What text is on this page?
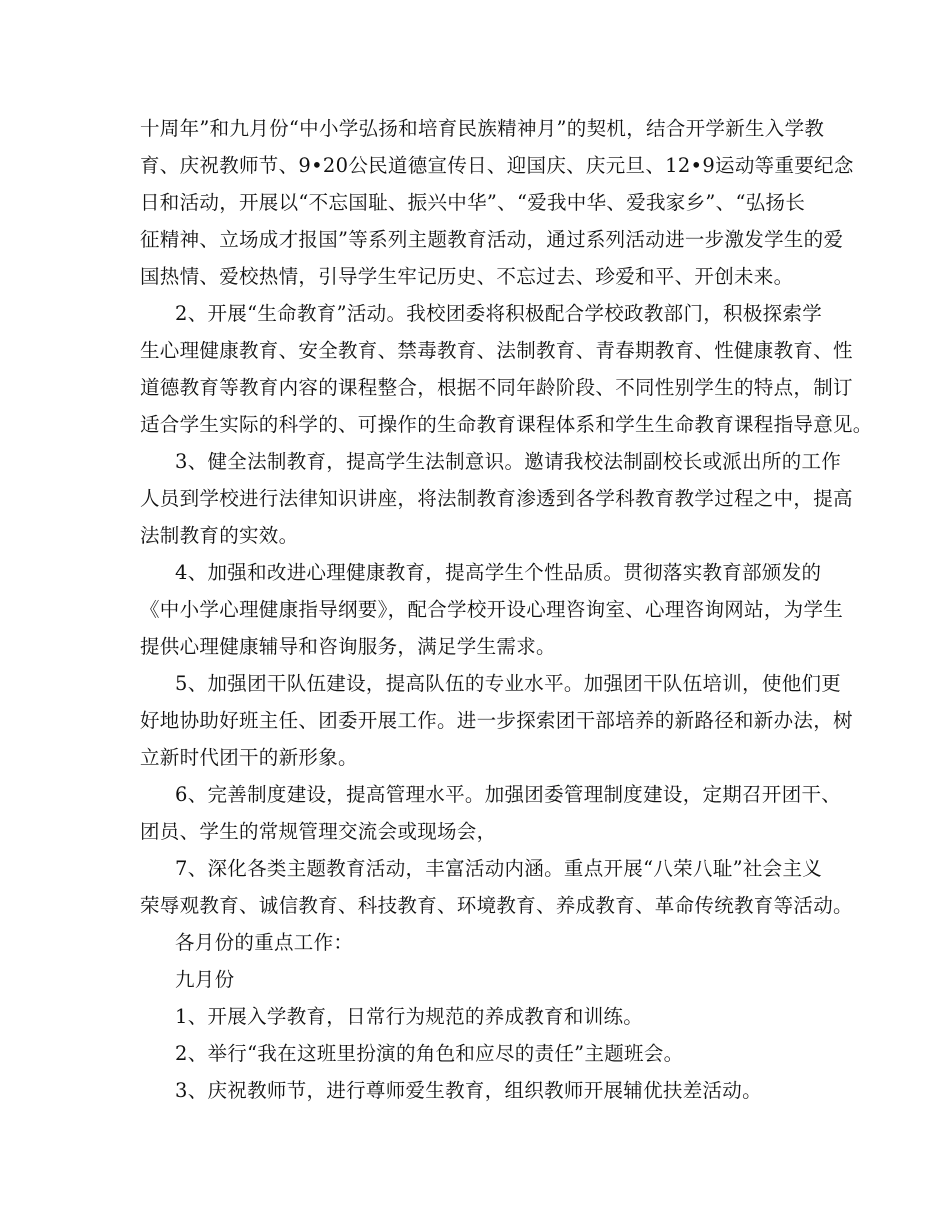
十周年”和九月份“中小学弘扬和培育民族精神月”的契机，结合开学新生入学教
育、庆祝教师节、9•20公民道德宣传日、迎国庆、庆元旦、12•9运动等重要纪念
日和活动，开展以“不忘国耻、振兴中华”、“爱我中华、爱我家乡”、“弘扬长
征精神、立场成才报国”等系列主题教育活动，通过系列活动进一步激发学生的爱
国热情、爱校热情，引导学生牢记历史、不忘过去、珍爱和平、开创未来。
2、开展“生命教育”活动。我校团委将积极配合学校政教部门，积极探索学
生心理健康教育、安全教育、禁毒教育、法制教育、青春期教育、性健康教育、性
道德教育等教育内容的课程整合，根据不同年龄阶段、不同性别学生的特点，制订
适合学生实际的科学的、可操作的生命教育课程体系和学生生命教育课程指导意见。
3、健全法制教育，提高学生法制意识。邀请我校法制副校长或派出所的工作
人员到学校进行法律知识讲座，将法制教育渗透到各学科教育教学过程之中，提高
法制教育的实效。
4、加强和改进心理健康教育，提高学生个性品质。贯彻落实教育部颁发的
《中小学心理健康指导纲要》，配合学校开设心理咨询室、心理咨询网站，为学生
提供心理健康辅导和咨询服务，满足学生需求。
5、加强团干队伍建设，提高队伍的专业水平。加强团干队伍培训，使他们更
好地协助好班主任、团委开展工作。进一步探索团干部培养的新路径和新办法，树
立新时代团干的新形象。
6、完善制度建设，提高管理水平。加强团委管理制度建设，定期召开团干、
团员、学生的常规管理交流会或现场会，
7、深化各类主题教育活动，丰富活动内涵。重点开展“八荣八耻”社会主义
荣辱观教育、诚信教育、科技教育、环境教育、养成教育、革命传统教育等活动。
各月份的重点工作：
九月份
1、开展入学教育，日常行为规范的养成教育和训练。
2、举行“我在这班里扮演的角色和应尽的责任”主题班会。
3、庆祝教师节，进行尊师爱生教育，组织教师开展辅优扶差活动。
